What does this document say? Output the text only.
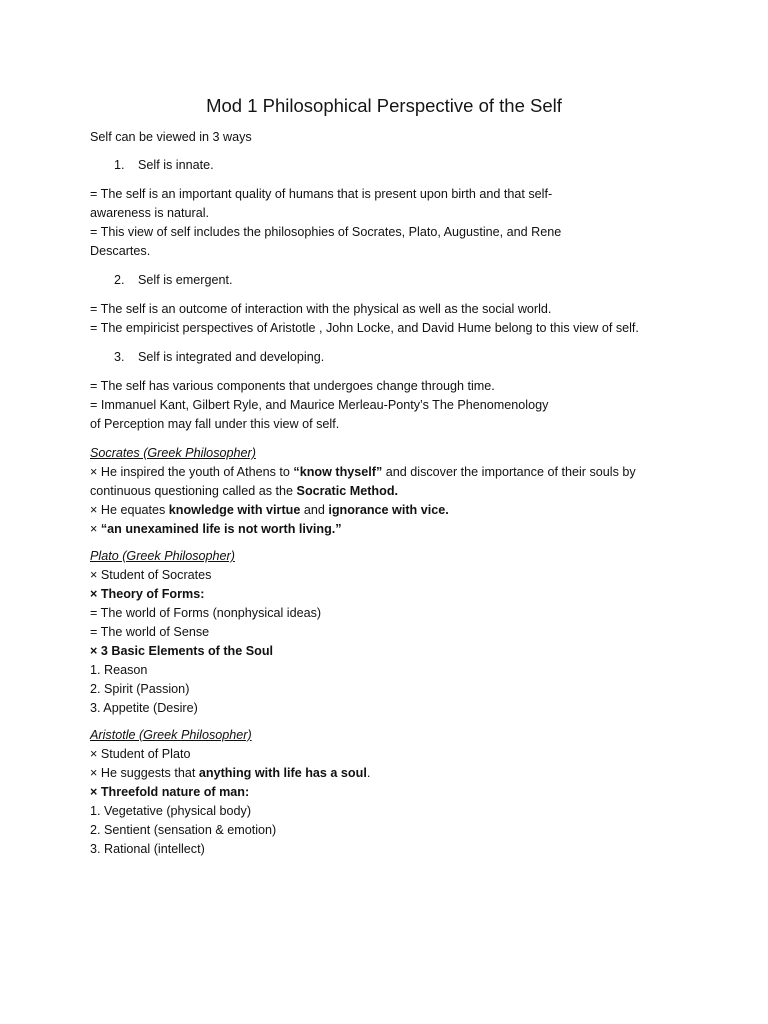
Mod 1 Philosophical Perspective of the Self
Self can be viewed in 3 ways
1. Self is innate.
= The self is an important quality of humans that is present upon birth and that self-
awareness is natural.
= This view of self includes the philosophies of Socrates, Plato, Augustine, and Rene
Descartes.
2. Self is emergent.
= The self is an outcome of interaction with the physical as well as the social world.
= The empiricist perspectives of Aristotle , John Locke, and David Hume belong to this view of self.
3. Self is integrated and developing.
= The self has various components that undergoes change through time.
= Immanuel Kant, Gilbert Ryle, and Maurice Merleau-Ponty’s The Phenomenology
of Perception may fall under this view of self.
Socrates (Greek Philosopher)
× He inspired the youth of Athens to “know thyself” and discover the importance of their souls by
continuous questioning called as the Socratic Method.
× He equates knowledge with virtue and ignorance with vice.
× “an unexamined life is not worth living.”
Plato (Greek Philosopher)
× Student of Socrates
× Theory of Forms:
= The world of Forms (nonphysical ideas)
= The world of Sense
× 3 Basic Elements of the Soul
1. Reason
2. Spirit (Passion)
3. Appetite (Desire)
Aristotle (Greek Philosopher)
× Student of Plato
× He suggests that anything with life has a soul.
× Threefold nature of man:
1. Vegetative (physical body)
2. Sentient (sensation & emotion)
3. Rational (intellect)
